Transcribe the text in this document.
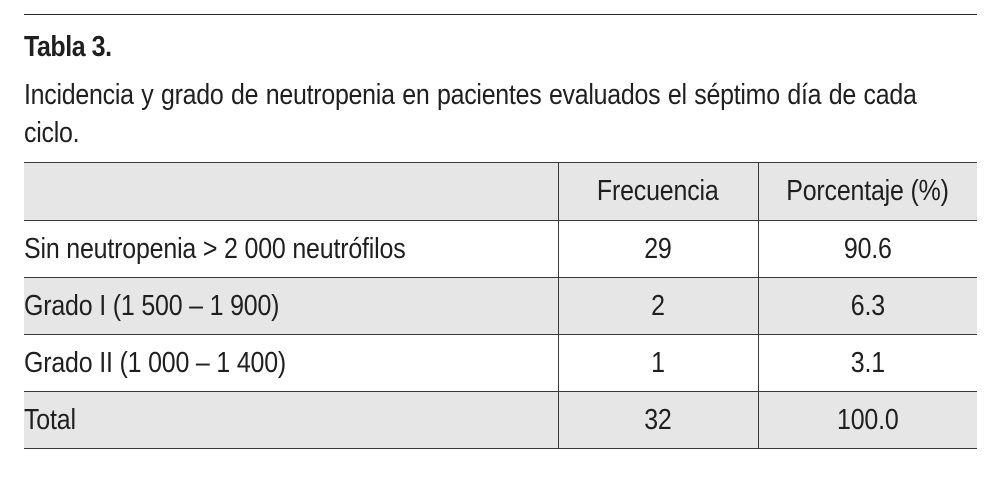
Tabla 3.
Incidencia y grado de neutropenia en pacientes evaluados el séptimo día de cada ciclo.
	Frecuencia	Porcentaje (%)
Sin neutropenia > 2 000 neutrófilos	29	90.6
Grado I (1 500 – 1 900)	2	6.3
Grado II (1 000 – 1 400)	1	3.1
Total	32	100.0
